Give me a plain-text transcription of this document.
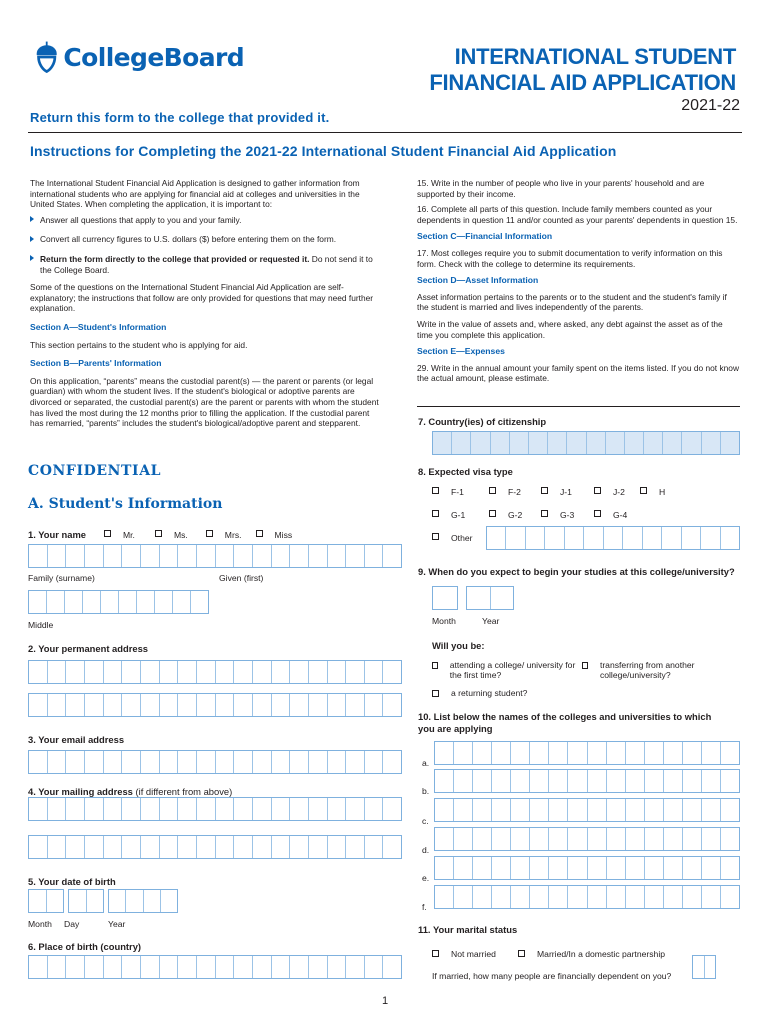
CollegeBoard	INTERNATIONAL STUDENT
FINANCIAL AID APPLICATION
2021-22
Return this form to the college that provided it.
Instructions for Completing the 2021-22 International Student Financial Aid Application

The International Student Financial Aid Application is designed to gather information from international students who are applying for financial aid at colleges and universities in the United States. When completing the application, it is important to:

Answer all questions that apply to you and your family.
Convert all currency figures to U.S. dollars ($) before entering them on the form.
Return the form directly to the college that provided or requested it. Do not send it to the College Board.

Some of the questions on the International Student Financial Aid Application are self-explanatory; the instructions that follow are only provided for questions that may need further explanation.

Section A—Student's Information

This section pertains to the student who is applying for aid.

Section B—Parents' Information

On this application, “parents” means the custodial parent(s) — the parent or parents (or legal guardian) with whom the student lives. If the student's biological or adoptive parents are divorced or separated, the custodial parent(s) are the parent or parents with whom the student has lived the most during the 12 months prior to filling the application. If the custodial parent has remarried, “parents” includes the student's biological/adoptive parent and stepparent.

15. Write in the number of people who live in your parents' household and are supported by their income.

16. Complete all parts of this question. Include family members counted as your dependents in question 11 and/or counted as your parents' dependents in question 15.

Section C—Financial Information

17. Most colleges require you to submit documentation to verify information on this form. Check with the college to determine its requirements.

Section D—Asset Information

Asset information pertains to the parents or to the student and the student's family if the student is married and lives independently of the parents.

Write in the value of assets and, where asked, any debt against the asset as of the time you complete this application.

Section E—Expenses

29. Write in the annual amount your family spent on the items listed. If you do not know the actual amount, please estimate.

CONFIDENTIAL
A. Student's Information
1. Your name	Mr.	Ms.	Mrs.	Miss
Family (surname)	Given (first)
Middle
2. Your permanent address
3. Your email address
4. Your mailing address (if different from above)
5. Your date of birth
Month Day	Year
6. Place of birth (country)
7. Country(ies) of citizenship
8. Expected visa type
F-1	F-2	J-1	J-2	H
G-1	G-2	G-3	G-4
Other
9. When do you expect to begin your studies at this college/university?
Month	Year
Will you be:
attending a college/ university for the first time?
transferring from another college/university?
a returning student?
10. List below the names of the colleges and universities to which you are applying
a.
b.
c.
d.
e.
f.
11. Your marital status
Not married	Married/In a domestic partnership
If married, how many people are financially dependent on you?
1
